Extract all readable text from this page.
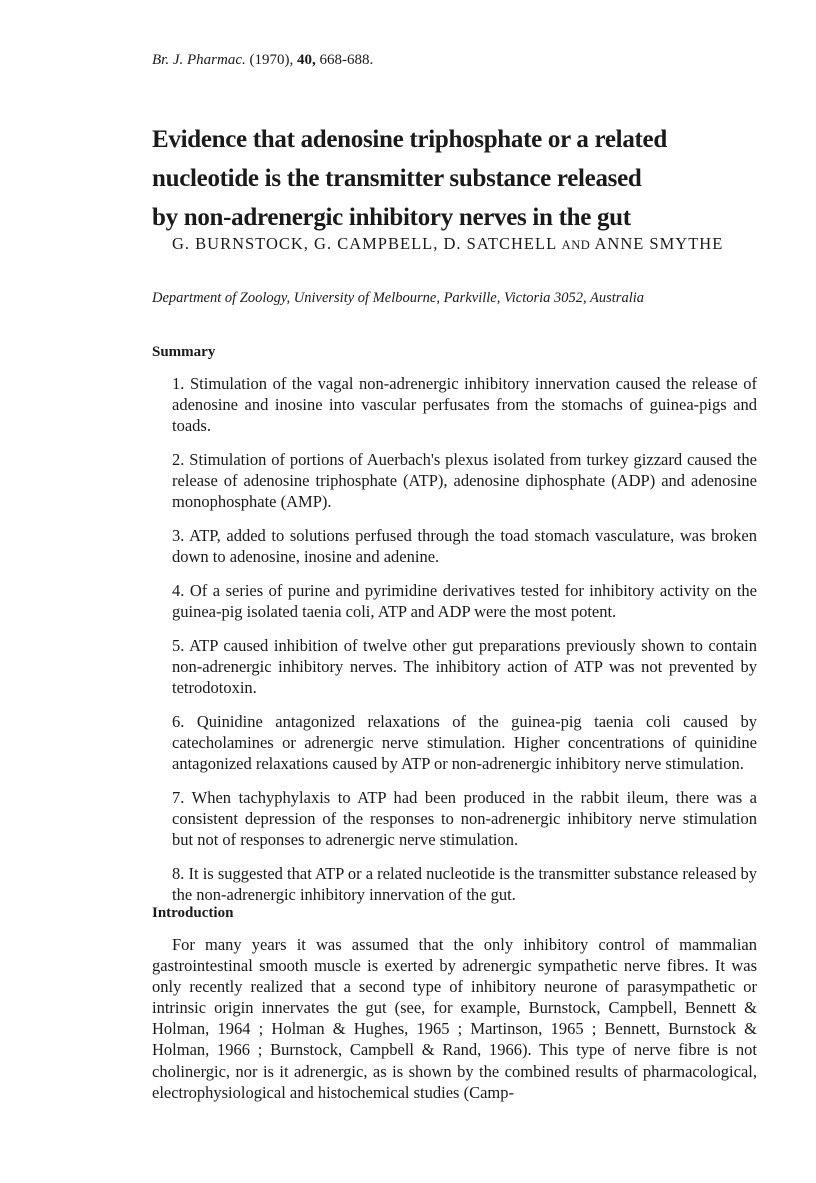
Br. J. Pharmac. (1970), 40, 668-688.
Evidence that adenosine triphosphate or a related
nucleotide is the transmitter substance released
by non-adrenergic inhibitory nerves in the gut
G. BURNSTOCK, G. CAMPBELL, D. SATCHELL AND ANNE SMYTHE
Department of Zoology, University of Melbourne, Parkville, Victoria 3052, Australia
Summary
1. Stimulation of the vagal non-adrenergic inhibitory innervation caused the release of adenosine and inosine into vascular perfusates from the stomachs of guinea-pigs and toads.
2. Stimulation of portions of Auerbach's plexus isolated from turkey gizzard caused the release of adenosine triphosphate (ATP), adenosine diphosphate (ADP) and adenosine monophosphate (AMP).
3. ATP, added to solutions perfused through the toad stomach vasculature, was broken down to adenosine, inosine and adenine.
4. Of a series of purine and pyrimidine derivatives tested for inhibitory activity on the guinea-pig isolated taenia coli, ATP and ADP were the most potent.
5. ATP caused inhibition of twelve other gut preparations previously shown to contain non-adrenergic inhibitory nerves. The inhibitory action of ATP was not prevented by tetrodotoxin.
6. Quinidine antagonized relaxations of the guinea-pig taenia coli caused by catecholamines or adrenergic nerve stimulation. Higher concentrations of quinidine antagonized relaxations caused by ATP or non-adrenergic inhibitory nerve stimulation.
7. When tachyphylaxis to ATP had been produced in the rabbit ileum, there was a consistent depression of the responses to non-adrenergic inhibitory nerve stimulation but not of responses to adrenergic nerve stimulation.
8. It is suggested that ATP or a related nucleotide is the transmitter substance released by the non-adrenergic inhibitory innervation of the gut.
Introduction

For many years it was assumed that the only inhibitory control of mammalian gastrointestinal smooth muscle is exerted by adrenergic sympathetic nerve fibres. It was only recently realized that a second type of inhibitory neurone of parasympathetic or intrinsic origin innervates the gut (see, for example, Burnstock, Campbell, Bennett & Holman, 1964 ; Holman & Hughes, 1965 ; Martinson, 1965 ; Bennett, Burnstock & Holman, 1966 ; Burnstock, Campbell & Rand, 1966). This type of nerve fibre is not cholinergic, nor is it adrenergic, as is shown by the combined results of pharmacological, electrophysiological and histochemical studies (Camp-
